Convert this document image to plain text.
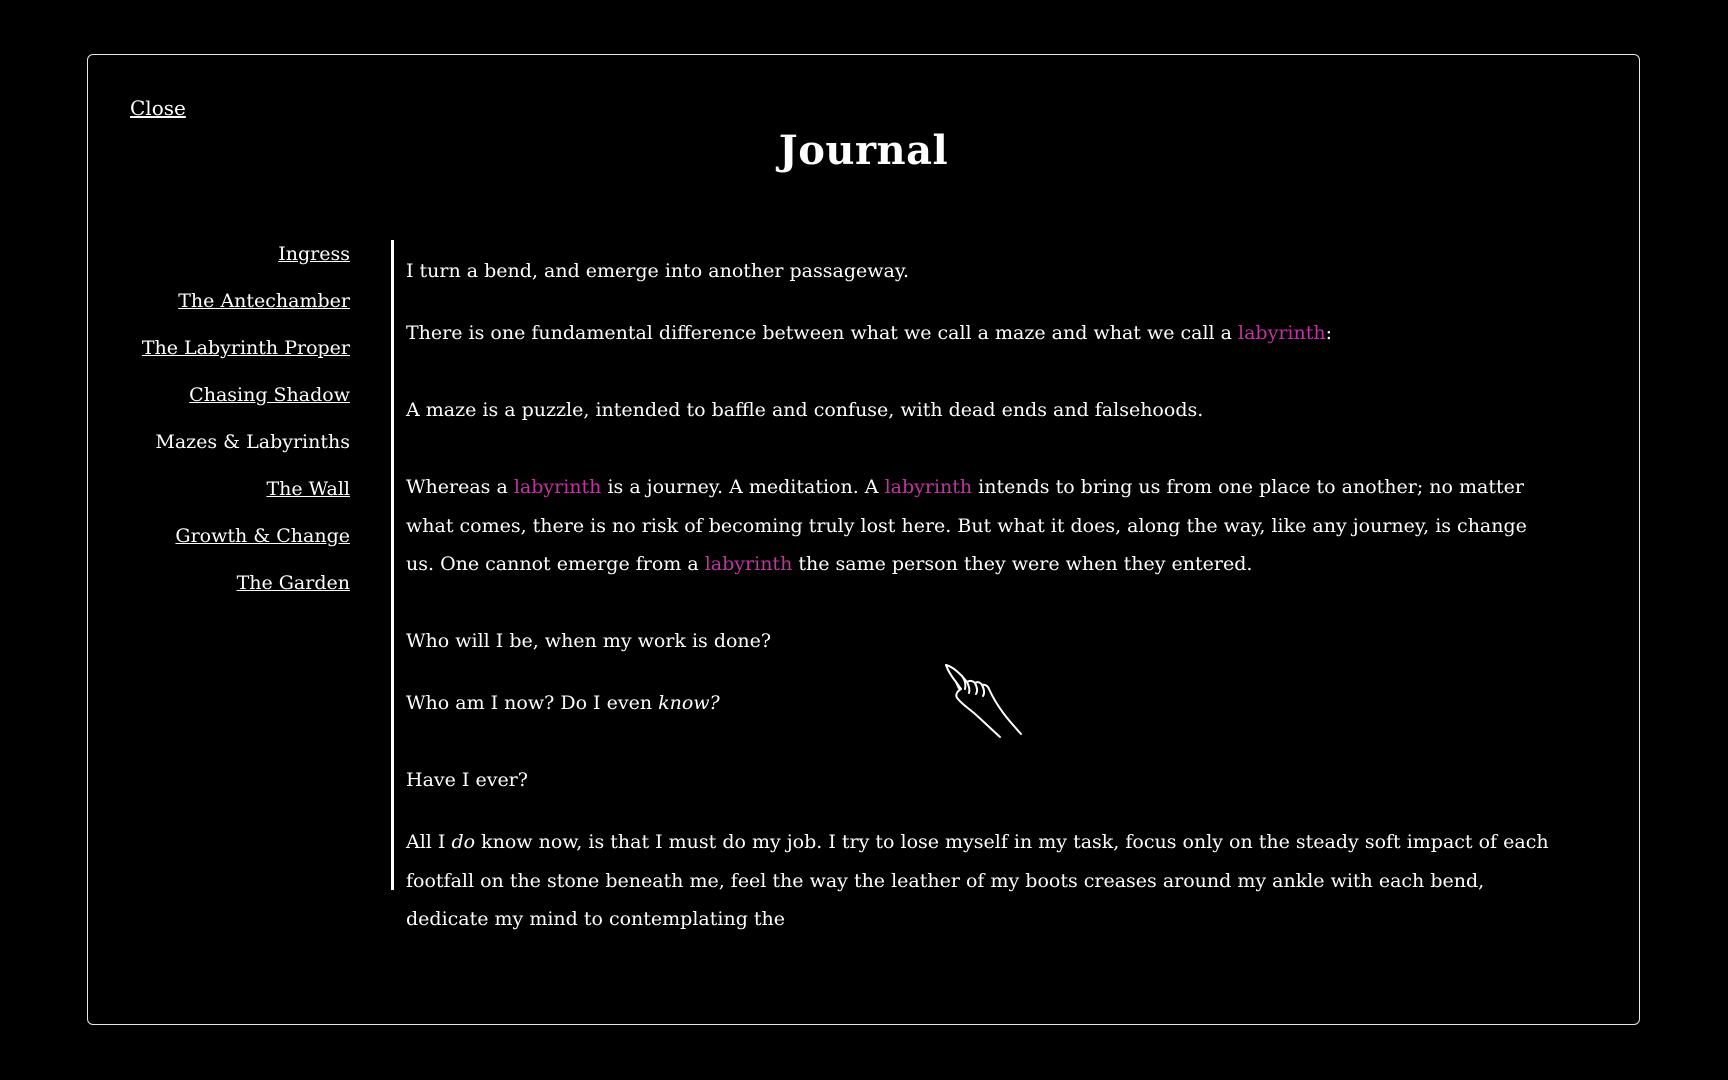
Close
Journal
Ingress
The Antechamber
The Labyrinth Proper
Chasing Shadow
Mazes & Labyrinths
The Wall
Growth & Change
The Garden

I turn a bend, and emerge into another passageway.

There is one fundamental difference between what we call a maze and what we call a labyrinth:

A maze is a puzzle, intended to baffle and confuse, with dead ends and falsehoods.

Whereas a labyrinth is a journey. A meditation. A labyrinth intends to bring us from one place to another; no matter what comes, there is no risk of becoming truly lost here. But what it does, along the way, like any journey, is change us. One cannot emerge from a labyrinth the same person they were when they entered.

Who will I be, when my work is done?

Who am I now? Do I even know?

Have I ever?

All I do know now, is that I must do my job. I try to lose myself in my task, focus only on the steady soft impact of each footfall on the stone beneath me, feel the way the leather of my boots creases around my ankle with each bend, dedicate my mind to contemplating the
